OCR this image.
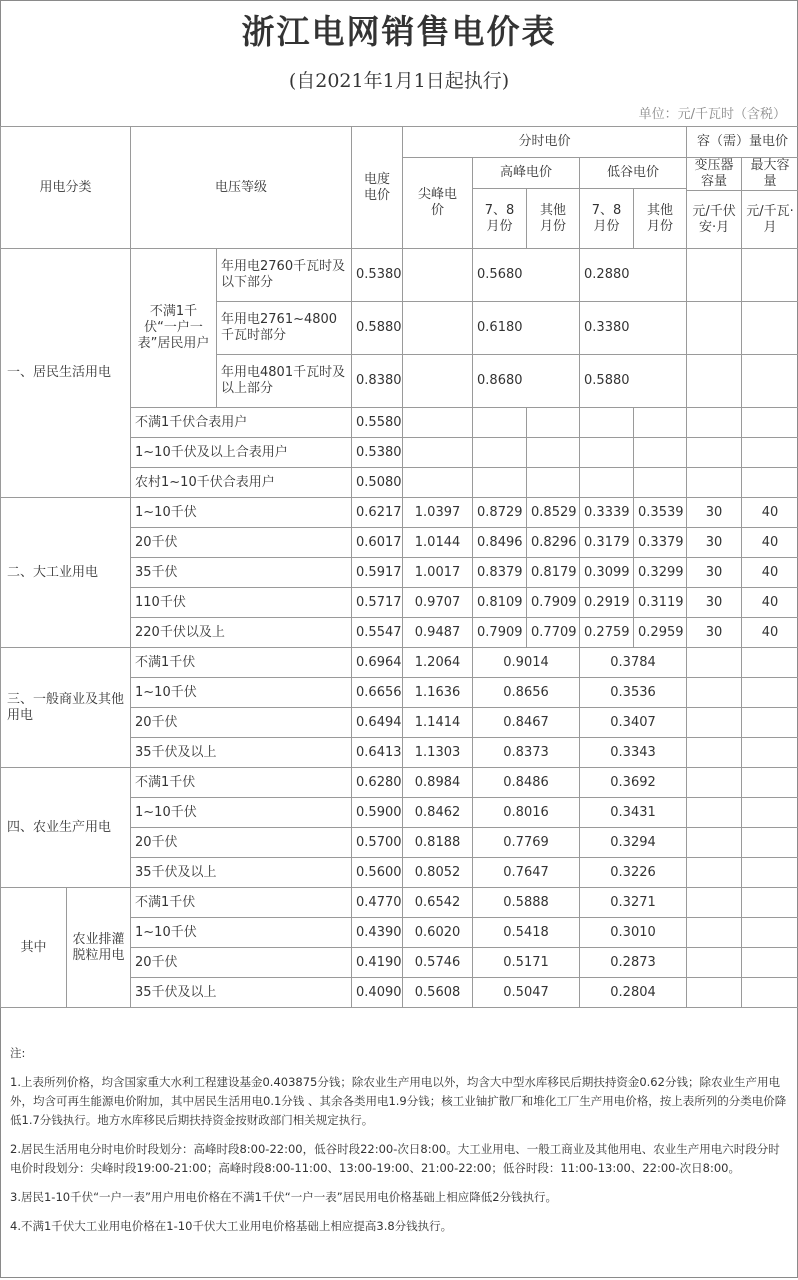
浙江电网销售电价表
(自2021年1月1日起执行)
单位：元/千瓦时（含税）
用电分类		电压等级		电度电价	分时电价					容（需）量电价	
					尖峰电价	高峰电价		低谷电价		变压器容量	最大容量
						7、8月份	其他月份	7、8月份	其他月份		
										元/千伏安·月	元/千瓦·月
一、居民生活用电		不满1千伏“一户一表”居民用户	年用电2760千瓦时及以下部分	0.5380		0.5680		0.2880			
			年用电2761~4800千瓦时部分	0.5880		0.6180		0.3380			
			年用电4801千瓦时及以上部分	0.8380		0.8680		0.5880			
		不满1千伏合表用户		0.5580							
		1~10千伏及以上合表用户		0.5380							
		农村1~10千伏合表用户		0.5080							
二、大工业用电		1~10千伏		0.6217	1.0397	0.8729	0.8529	0.3339	0.3539	30	40
		20千伏		0.6017	1.0144	0.8496	0.8296	0.3179	0.3379	30	40
		35千伏		0.5917	1.0017	0.8379	0.8179	0.3099	0.3299	30	40
		110千伏		0.5717	0.9707	0.8109	0.7909	0.2919	0.3119	30	40
		220千伏以及上		0.5547	0.9487	0.7909	0.7709	0.2759	0.2959	30	40
三、一般商业及其他用电		不满1千伏		0.6964	1.2064	0.9014		0.3784			
		1~10千伏		0.6656	1.1636	0.8656		0.3536			
		20千伏		0.6494	1.1414	0.8467		0.3407			
		35千伏及以上		0.6413	1.1303	0.8373		0.3343			
四、农业生产用电		不满1千伏		0.6280	0.8984	0.8486		0.3692			
		1~10千伏		0.5900	0.8462	0.8016		0.3431			
		20千伏		0.5700	0.8188	0.7769		0.3294			
		35千伏及以上		0.5600	0.8052	0.7647		0.3226			
其中	农业排灌脱粒用电	不满1千伏		0.4770	0.6542	0.5888		0.3271			
		1~10千伏		0.4390	0.6020	0.5418		0.3010			
		20千伏		0.4190	0.5746	0.5171		0.2873			
		35千伏及以上		0.4090	0.5608	0.5047		0.2804			

注:

1.上表所列价格，均含国家重大水利工程建设基金0.403875分钱；除农业生产用电以外，均含大中型水库移民后期扶持资金0.62分钱；除农业生产用电外，均含可再生能源电价附加，其中居民生活用电0.1分钱 、其余各类用电1.9分钱；核工业铀扩散厂和堆化工厂生产用电价格，按上表所列的分类电价降低1.7分钱执行。地方水库移民后期扶持资金按财政部门相关规定执行。

2.居民生活用电分时电价时段划分：高峰时段8:00-22:00，低谷时段22:00-次日8:00。大工业用电、一般工商业及其他用电、农业生产用电六时段分时电价时段划分：尖峰时段19:00-21:00；高峰时段8:00-11:00、13:00-19:00、21:00-22:00；低谷时段：11:00-13:00、22:00-次日8:00。

3.居民1-10千伏“一户一表”用户用电价格在不满1千伏“一户一表”居民用电价格基础上相应降低2分钱执行。

4.不满1千伏大工业用电价格在1-10千伏大工业用电价格基础上相应提高3.8分钱执行。
